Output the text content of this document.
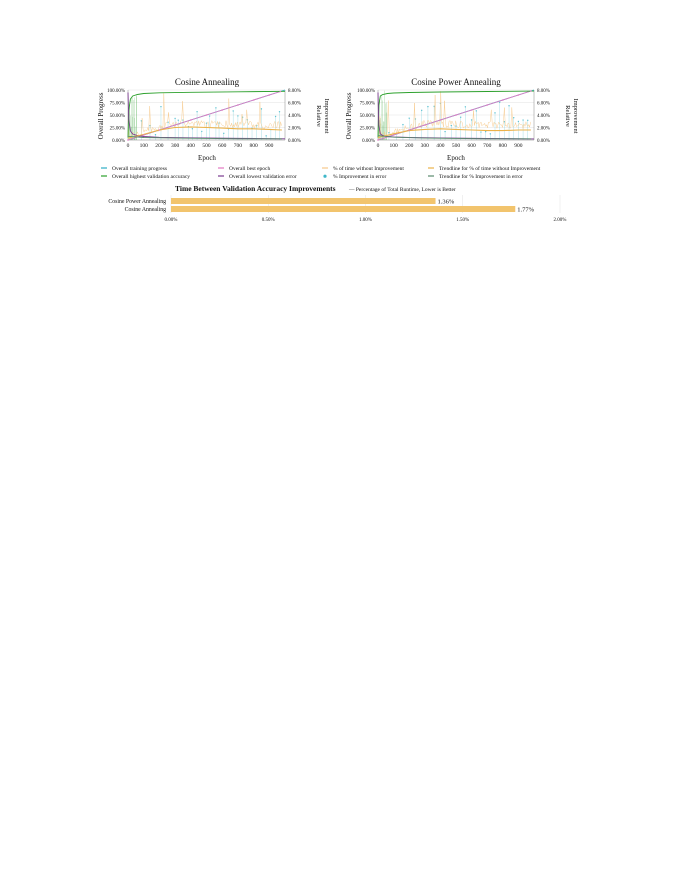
Cosine Annealing
0.00%
25.00%
50.00%
75.00%
100.00%
0.00%
2.00%
4.00%
6.00%
8.00%
0 100 200 300 400 500 600 700 800 900
Epoch
Overall Progress	Relative Improvement
Cosine Power Annealing
0.00%
25.00%
50.00%
75.00%
100.00%
0.00%
2.00%
4.00%
6.00%
8.00%
0 100 200 300 400 500 600 700 800 900
Epoch
Overall Progress	Relative Improvement
Overall training progress	Overall best epoch	% of time without Improvement	Trendline for % of time without Improvement
Overall highest validation accuracy	Overall lowest validation error	% Improvement in error	Trendline for % Improvement in error
Time Between Validation Accuracy Improvements — Percentage of Total Runtime, Lower is Better
0.00%	0.50%	1.00%	1.50%	2.00%
Cosine Power Annealing	1.36%
Cosine Annealing	1.77%
